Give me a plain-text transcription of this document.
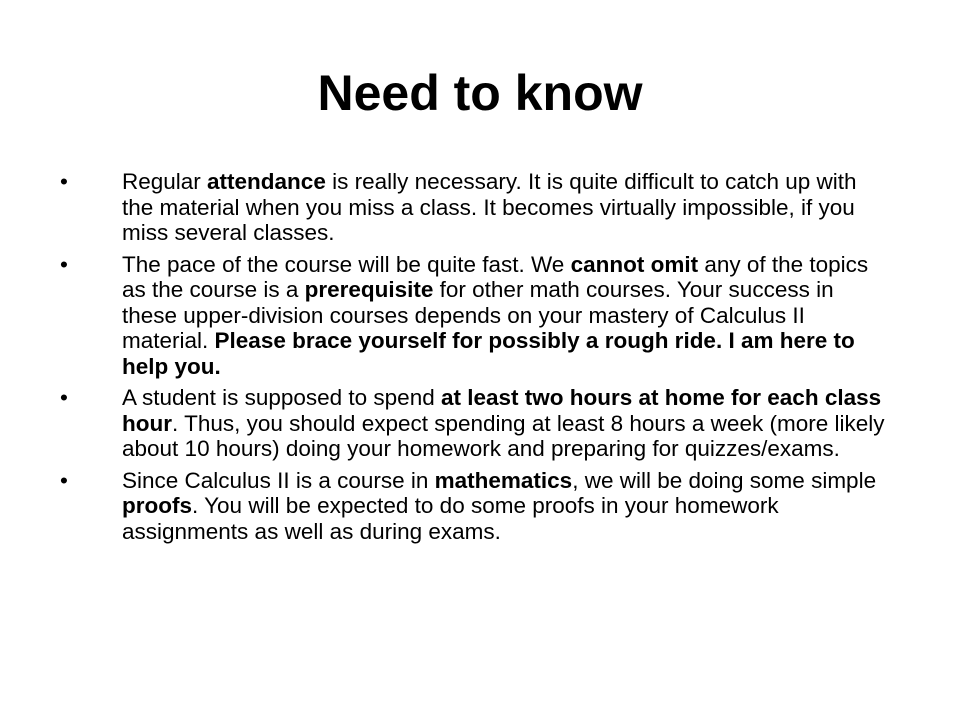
Need to know
•	Regular attendance is really necessary. It is quite difficult to catch up with the material when you miss a class. It becomes virtually impossible, if you miss several classes.
•	The pace of the course will be quite fast. We cannot omit any of the topics as the course is a prerequisite for other math courses. Your success in these upper-division courses depends on your mastery of Calculus II material. Please brace yourself for possibly a rough ride. I am here to help you.
•	A student is supposed to spend at least two hours at home for each class hour. Thus, you should expect spending at least 8 hours a week (more likely about 10 hours) doing your homework and preparing for quizzes/exams.
•	Since Calculus II is a course in mathematics, we will be doing some simple proofs. You will be expected to do some proofs in your homework assignments as well as during exams.
